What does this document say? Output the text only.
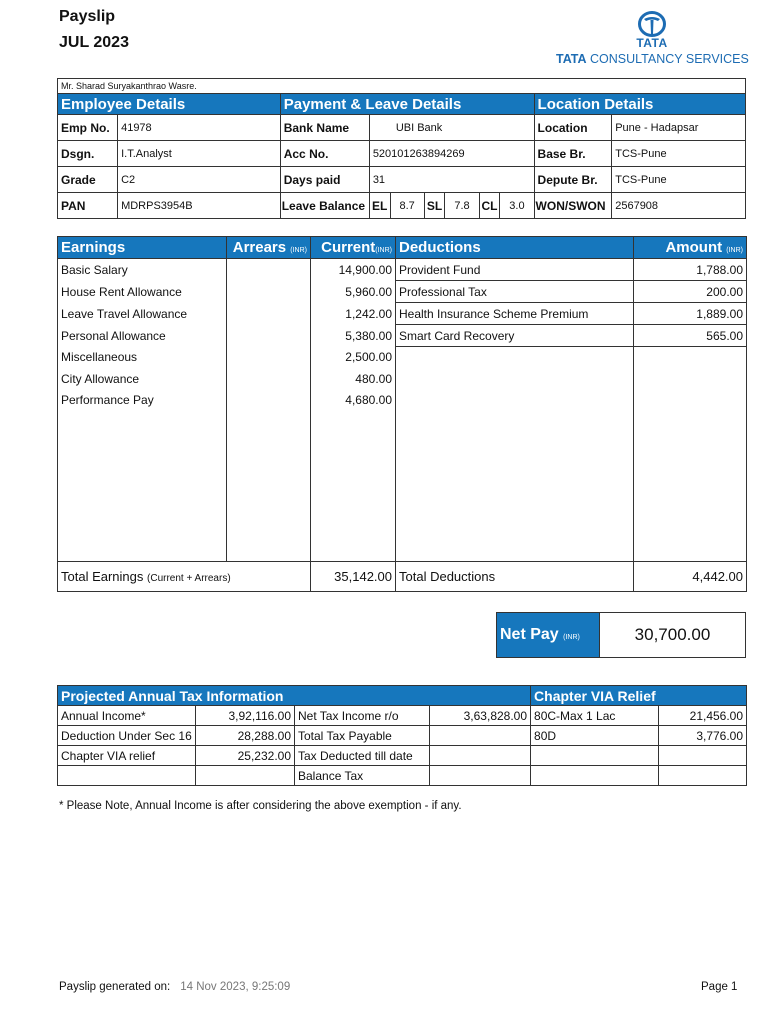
Payslip
JUL 2023	TATA
TATA CONSULTANCY SERVICES
Mr. Sharad Suryakanthrao Wasre.										
Employee Details		Payment & Leave Details							Location Details	
Emp No.	41978	Bank Name	UBI Bank						Location	Pune - Hadapsar
Dsgn.	I.T.Analyst	Acc No.	520101263894269						Base Br.	TCS-Pune
Grade	C2	Days paid	31						Depute Br.	TCS-Pune
PAN	MDRPS3954B	Leave Balance	EL	8.7	SL	7.8	CL	3.0	WON/SWON	2567908
Earnings	Arrears (INR)	Current(INR)	Deductions	Amount (INR)
Basic Salary		14,900.00	Provident Fund	1,788.00
House Rent Allowance		5,960.00	Professional Tax	200.00
Leave Travel Allowance		1,242.00	Health Insurance Scheme Premium	1,889.00
Personal Allowance		5,380.00	Smart Card Recovery	565.00
Miscellaneous		2,500.00		
City Allowance		480.00		
Performance Pay		4,680.00		

Total Earnings (Current + Arrears)		35,142.00	Total Deductions	4,442.00
Net Pay (INR)	30,700.00
Projected Annual Tax Information				Chapter VIA Relief	
Annual Income*	3,92,116.00	Net Tax Income r/o	3,63,828.00	80C-Max 1 Lac	21,456.00
Deduction Under Sec 16	28,288.00	Total Tax Payable		80D	3,776.00
Chapter VIA relief	25,232.00	Tax Deducted till date			
		Balance Tax			
* Please Note, Annual Income is after considering the above exemption - if any.
Payslip generated on: 14 Nov 2023, 9:25:09	Page 1
